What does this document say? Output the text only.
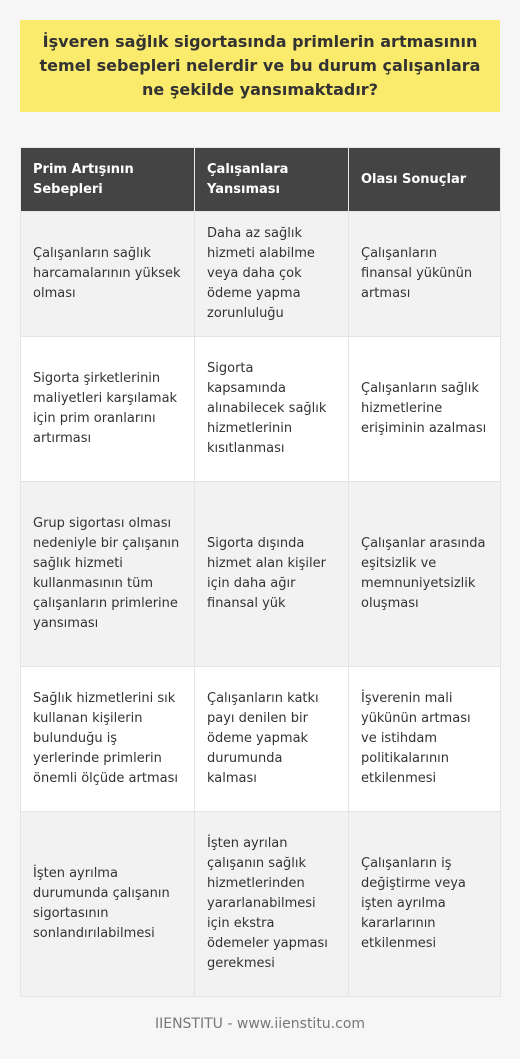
İşveren sağlık sigortasında primlerin artmasının temel sebepleri nelerdir ve bu durum çalışanlara ne şekilde yansımaktadır?
Prim Artışının Sebepleri	Çalışanlara Yansıması	Olası Sonuçlar
Çalışanların sağlık harcamalarının yüksek olması	Daha az sağlık hizmeti alabilme veya daha çok ödeme yapma zorunluluğu	Çalışanların finansal yükünün artması
Sigorta şirketlerinin maliyetleri karşılamak için prim oranlarını artırması	Sigorta kapsamında alınabilecek sağlık hizmetlerinin kısıtlanması	Çalışanların sağlık hizmetlerine erişiminin azalması
Grup sigortası olması nedeniyle bir çalışanın sağlık hizmeti kullanmasının tüm çalışanların primlerine yansıması	Sigorta dışında hizmet alan kişiler için daha ağır finansal yük	Çalışanlar arasında eşitsizlik ve memnuniyetsizlik oluşması
Sağlık hizmetlerini sık kullanan kişilerin bulunduğu iş yerlerinde primlerin önemli ölçüde artması	Çalışanların katkı payı denilen bir ödeme yapmak durumunda kalması	İşverenin mali yükünün artması ve istihdam politikalarının etkilenmesi
İşten ayrılma durumunda çalışanın sigortasının sonlandırılabilmesi	İşten ayrılan çalışanın sağlık hizmetlerinden yararlanabilmesi için ekstra ödemeler yapması gerekmesi	Çalışanların iş değiştirme veya işten ayrılma kararlarının etkilenmesi
IIENSTITU - www.iienstitu.com
